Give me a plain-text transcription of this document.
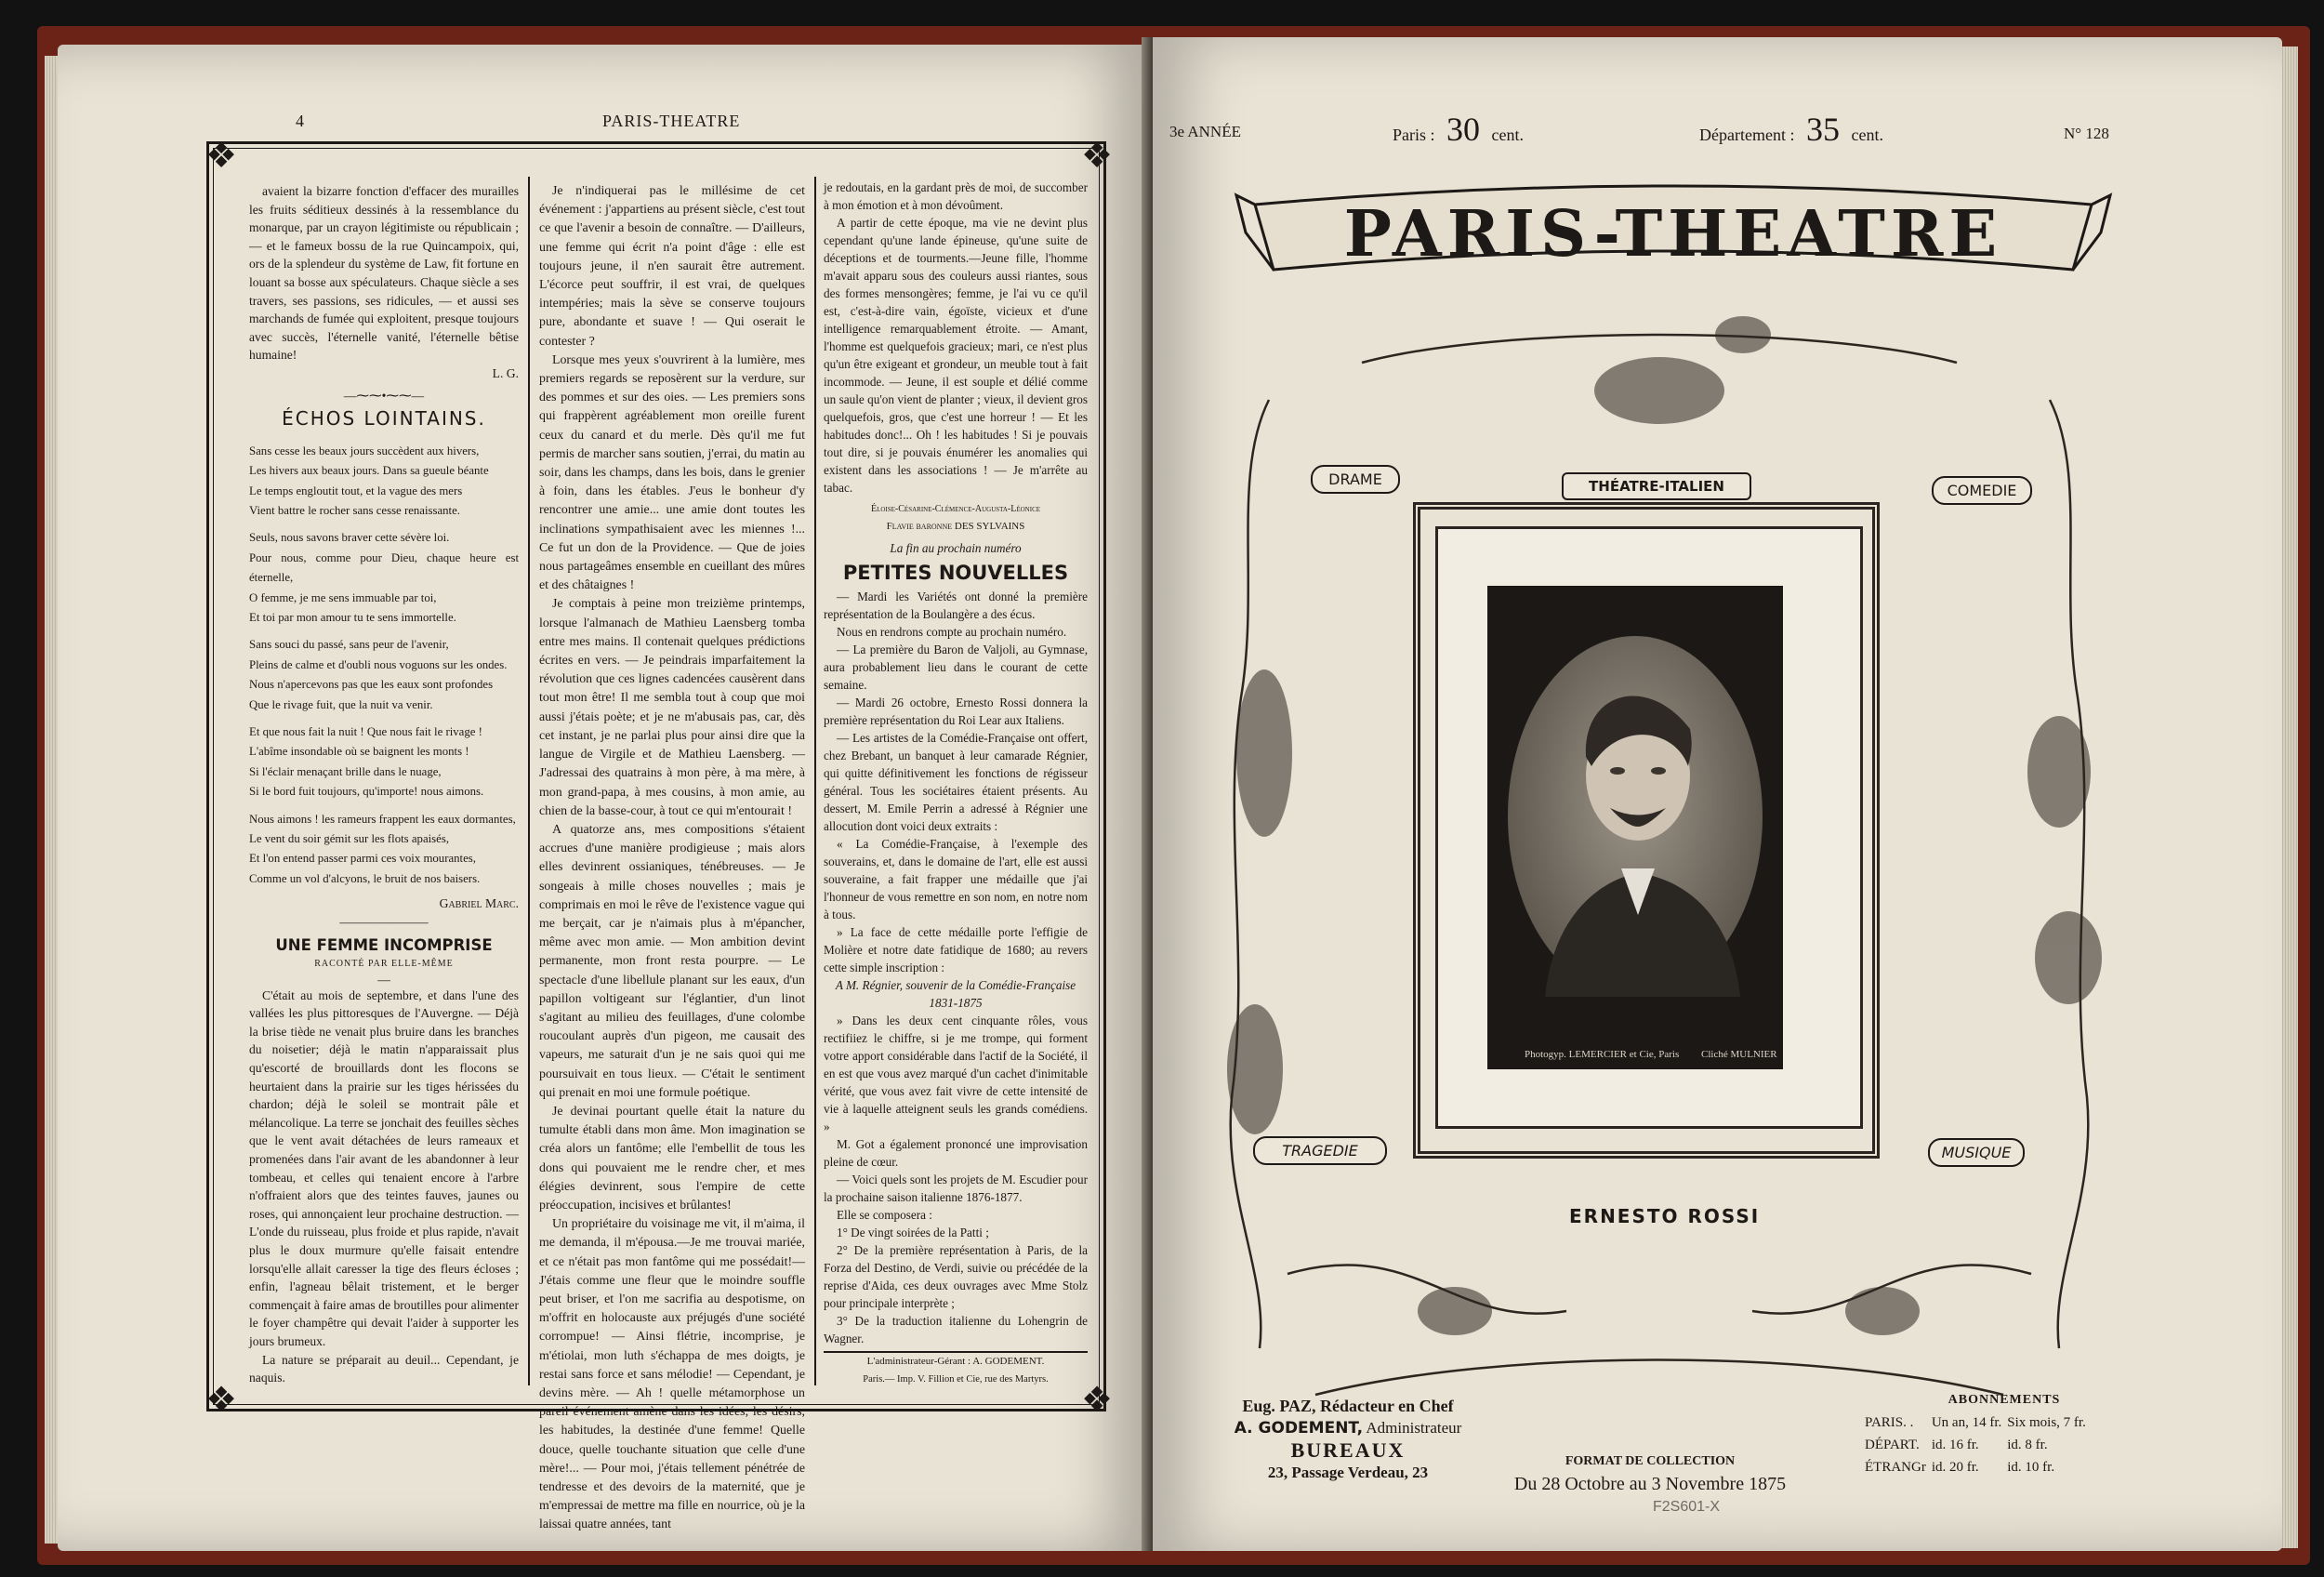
4	PARIS-THEATRE
❖	❖
❖	❖

avaient la bizarre fonction d'effacer des murailles les fruits séditieux dessinés à la ressemblance du monarque, par un crayon légitimiste ou républicain ; — et le fameux bossu de la rue Quincampoix, qui, ors de la splendeur du système de Law, fit fortune en louant sa bosse aux spéculateurs. Chaque siècle a ses travers, ses passions, ses ridicules, — et aussi ses marchands de fumée qui exploitent, presque toujours avec succès, l'éternelle vanité, l'éternelle bêtise humaine!

L. G.
—⁓⁓•⁓⁓—
ÉCHOS LOINTAINS.

Sans cesse les beaux jours succèdent aux hivers,

Les hivers aux beaux jours. Dans sa gueule béante

Le temps engloutit tout, et la vague des mers

Vient battre le rocher sans cesse renaissante.

Seuls, nous savons braver cette sévère loi.

Pour nous, comme pour Dieu, chaque heure est éternelle,

O femme, je me sens immuable par toi,

Et toi par mon amour tu te sens immortelle.

Sans souci du passé, sans peur de l'avenir,

Pleins de calme et d'oubli nous voguons sur les ondes.

Nous n'apercevons pas que les eaux sont profondes

Que le rivage fuit, que la nuit va venir.

Et que nous fait la nuit ! Que nous fait le rivage !

L'abîme insondable où se baignent les monts !

Si l'éclair menaçant brille dans le nuage,

Si le bord fuit toujours, qu'importe! nous aimons.

Nous aimons ! les rameurs frappent les eaux dormantes,

Le vent du soir gémit sur les flots apaisés,

Et l'on entend passer parmi ces voix mourantes,

Comme un vol d'alcyons, le bruit de nos baisers.

Gabriel Marc.
———————
UNE FEMME INCOMPRISE
RACONTÉ PAR ELLE-MÊME
—

C'était au mois de septembre, et dans l'une des vallées les plus pittoresques de l'Auvergne. — Déjà la brise tiède ne venait plus bruire dans les branches du noisetier; déjà le matin n'apparaissait plus qu'escorté de brouillards dont les flocons se heurtaient dans la prairie sur les tiges hérissées du chardon; déjà le soleil se montrait pâle et mélancolique. La terre se jonchait des feuilles sèches que le vent avait détachées de leurs rameaux et promenées dans l'air avant de les abandonner à leur tombeau, et celles qui tenaient encore à l'arbre n'offraient alors que des teintes fauves, jaunes ou roses, qui annonçaient leur prochaine destruction. — L'onde du ruisseau, plus froide et plus rapide, n'avait plus le doux murmure qu'elle faisait entendre lorsqu'elle allait caresser la tige des fleurs écloses ; enfin, l'agneau bêlait tristement, et le berger commençait à faire amas de broutilles pour alimenter le foyer champêtre qui devait l'aider à supporter les jours brumeux.

La nature se préparait au deuil... Cependant, je naquis.

Je n'indiquerai pas le millésime de cet événement : j'appartiens au présent siècle, c'est tout ce que l'avenir a besoin de connaître. — D'ailleurs, une femme qui écrit n'a point d'âge : elle est toujours jeune, il n'en saurait être autrement. L'écorce peut souffrir, il est vrai, de quelques intempéries; mais la sève se conserve toujours pure, abondante et suave ! — Qui oserait le contester ?

Lorsque mes yeux s'ouvrirent à la lumière, mes premiers regards se reposèrent sur la verdure, sur des pommes et sur des oies. — Les premiers sons qui frappèrent agréablement mon oreille furent ceux du canard et du merle. Dès qu'il me fut permis de marcher sans soutien, j'errai, du matin au soir, dans les champs, dans les bois, dans le grenier à foin, dans les étables. J'eus le bonheur d'y rencontrer une amie... une amie dont toutes les inclinations sympathisaient avec les miennes !... Ce fut un don de la Providence. — Que de joies nous partageâmes ensemble en cueillant des mûres et des châtaignes !

Je comptais à peine mon treizième printemps, lorsque l'almanach de Mathieu Laensberg tomba entre mes mains. Il contenait quelques prédictions écrites en vers. — Je peindrais imparfaitement la révolution que ces lignes cadencées causèrent dans tout mon être! Il me sembla tout à coup que moi aussi j'étais poète; et je ne m'abusais pas, car, dès cet instant, je ne parlai plus pour ainsi dire que la langue de Virgile et de Mathieu Laensberg. — J'adressai des quatrains à mon père, à ma mère, à mon grand-papa, à mes cousins, à mon amie, au chien de la basse-cour, à tout ce qui m'entourait !

A quatorze ans, mes compositions s'étaient accrues d'une manière prodigieuse ; mais alors elles devinrent ossianiques, ténébreuses. — Je songeais à mille choses nouvelles ; mais je comprimais en moi le rêve de l'existence vague qui me berçait, car je n'aimais plus à m'épancher, même avec mon amie. — Mon ambition devint permanente, mon front resta pourpre. — Le spectacle d'une libellule planant sur les eaux, d'un papillon voltigeant sur l'églantier, d'un linot s'agitant au milieu des feuillages, d'une colombe roucoulant auprès d'un pigeon, me causait des vapeurs, me saturait d'un je ne sais quoi qui me poursuivait en tous lieux. — C'était le sentiment qui prenait en moi une formule poétique.

Je devinai pourtant quelle était la nature du tumulte établi dans mon âme. Mon imagination se créa alors un fantôme; elle l'embellit de tous les dons qui pouvaient me le rendre cher, et mes élégies devinrent, sous l'empire de cette préoccupation, incisives et brûlantes!

Un propriétaire du voisinage me vit, il m'aima, il me demanda, il m'épousa.—Je me trouvai mariée, et ce n'était pas mon fantôme qui me possédait!—J'étais comme une fleur que le moindre souffle peut briser, et l'on me sacrifia au despotisme, on m'offrit en holocauste aux préjugés d'une société corrompue! — Ainsi flétrie, incomprise, je m'étiolai, mon luth s'échappa de mes doigts, je restai sans force et sans mélodie! — Cependant, je devins mère. — Ah ! quelle métamorphose un pareil événement amène dans les idées, les désirs, les habitudes, la destinée d'une femme! Quelle douce, quelle touchante situation que celle d'une mère!... — Pour moi, j'étais tellement pénétrée de tendresse et des devoirs de la maternité, que je m'empressai de mettre ma fille en nourrice, où je la laissai quatre années, tant

je redoutais, en la gardant près de moi, de succomber à mon émotion et à mon dévoûment.

A partir de cette époque, ma vie ne devint plus cependant qu'une lande épineuse, qu'une suite de déceptions et de tourments.—Jeune fille, l'homme m'avait apparu sous des couleurs aussi riantes, sous des formes mensongères; femme, je l'ai vu ce qu'il est, c'est-à-dire vain, égoïste, vicieux et d'une intelligence remarquablement étroite. — Amant, l'homme est quelquefois gracieux; mari, ce n'est plus qu'un être exigeant et grondeur, un meuble tout à fait incommode. — Jeune, il est souple et délié comme un saule qu'on vient de planter ; vieux, il devient gros quelquefois, gros, que c'est une horreur ! — Et les habitudes donc!... Oh ! les habitudes ! Si je pouvais tout dire, si je pouvais énumérer les anomalies qui existent dans les associations ! — Je m'arrête au tabac.

Éloise-Césarine-Clémence-Augusta-Léonice
Flavie baronne DES SYLVAINS
La fin au prochain numéro
PETITES NOUVELLES

— Mardi les Variétés ont donné la première représentation de la Boulangère a des écus.

Nous en rendrons compte au prochain numéro.

— La première du Baron de Valjoli, au Gymnase, aura probablement lieu dans le courant de cette semaine.

— Mardi 26 octobre, Ernesto Rossi donnera la première représentation du Roi Lear aux Italiens.

— Les artistes de la Comédie-Française ont offert, chez Brebant, un banquet à leur camarade Régnier, qui quitte définitivement les fonctions de régisseur général. Tous les sociétaires étaient présents. Au dessert, M. Emile Perrin a adressé à Régnier une allocution dont voici deux extraits :

« La Comédie-Française, à l'exemple des souverains, et, dans le domaine de l'art, elle est aussi souveraine, a fait frapper une médaille que j'ai l'honneur de vous remettre en son nom, en notre nom à tous.

» La face de cette médaille porte l'effigie de Molière et notre date fatidique de 1680; au revers cette simple inscription :

A M. Régnier, souvenir de la Comédie-Française

1831-1875

» Dans les deux cent cinquante rôles, vous rectifiiez le chiffre, si je me trompe, qui forment votre apport considérable dans l'actif de la Société, il en est que vous avez marqué d'un cachet d'inimitable vérité, que vous avez fait vivre de cette intensité de vie à laquelle atteignent seuls les grands comédiens. »

M. Got a également prononcé une improvisation pleine de cœur.

— Voici quels sont les projets de M. Escudier pour la prochaine saison italienne 1876-1877.

Elle se composera :

1° De vingt soirées de la Patti ;

2° De la première représentation à Paris, de la Forza del Destino, de Verdi, suivie ou précédée de la reprise d'Aida, ces deux ouvrages avec Mme Stolz pour principale interprète ;

3° De la traduction italienne du Lohengrin de Wagner.

L'administrateur-Gérant : A. GODEMENT.
Paris.— Imp. V. Fillion et Cie, rue des Martyrs.
3e ANNÉE	Paris : 30 cent.	Département : 35 cent.	N° 128
PARIS-THEATRE
DRAME	THÉATRE-ITALIEN	COMEDIE
TRAGEDIE	MUSIQUE
Photogyp. LEMERCIER et Cie, Paris Cliché MULNIER
ERNESTO ROSSI
Eug. PAZ, Rédacteur en Chef
A. GODEMENT, Administrateur
BUREAUX
23, Passage Verdeau, 23
FORMAT DE COLLECTION
Du 28 Octobre au 3 Novembre 1875
ABONNEMENTS
PARIS. .	Un an, 14 fr.	Six mois, 7 fr.
DÉPART.	id. 16 fr.	id. 8 fr.
ÉTRANGr	id. 20 fr.	id. 10 fr.
F2S601-X
